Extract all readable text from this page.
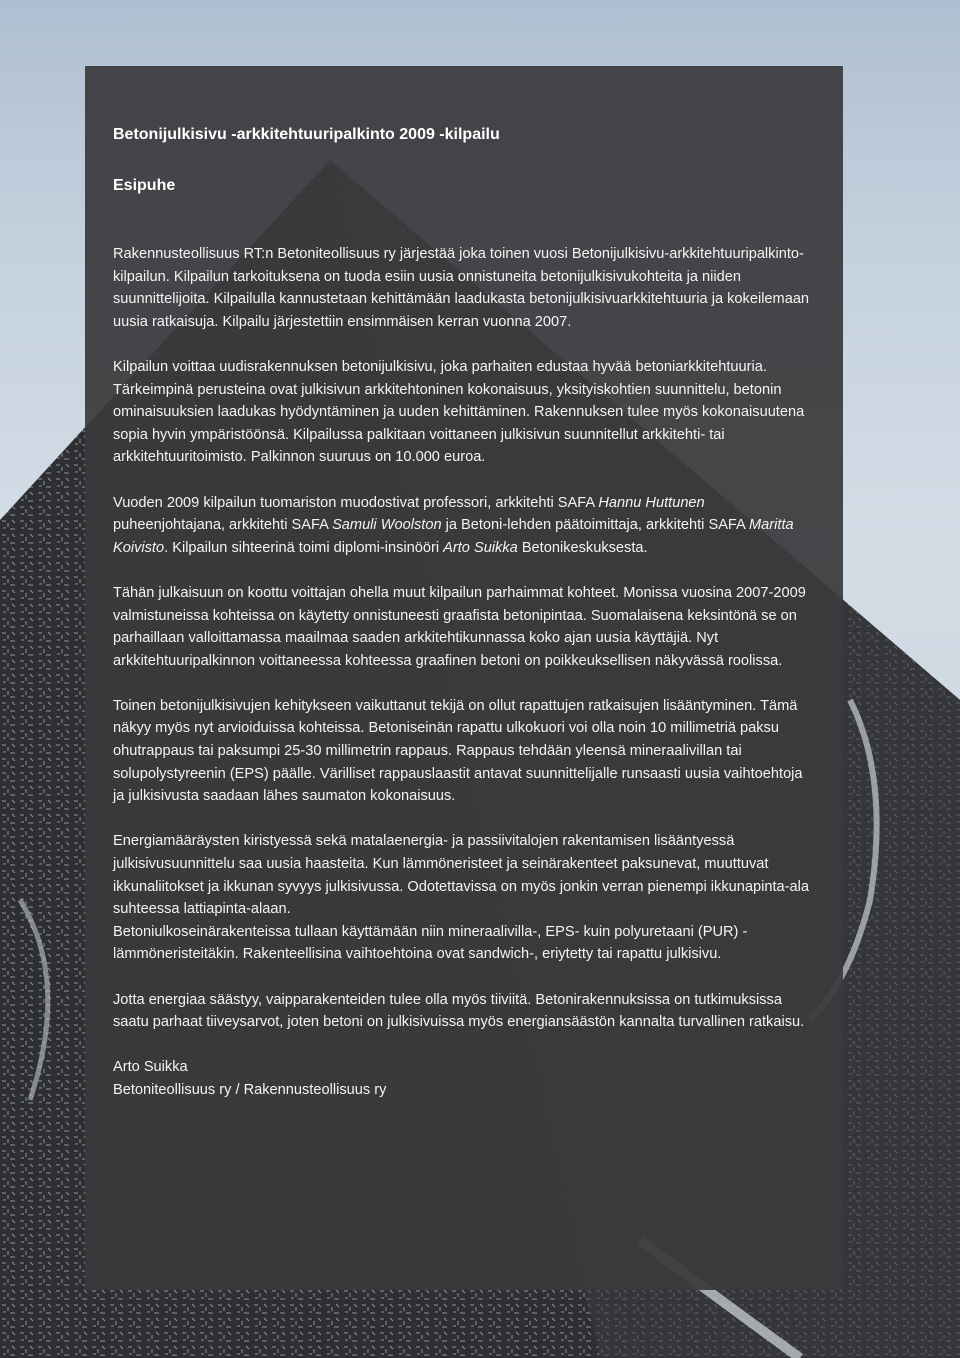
Betonijulkisivu -arkkitehtuuripalkinto 2009 -kilpailu
Esipuhe

Rakennusteollisuus RT:n Betoniteollisuus ry järjestää joka toinen vuosi Betonijulkisivu-arkkitehtuuripalkinto-kilpailun. Kilpailun tarkoituksena on tuoda esiin uusia onnistuneita betonijulkisivukohteita ja niiden suunnittelijoita. Kilpailulla kannustetaan kehittämään laadukasta betonijulkisivuarkkitehtuuria ja kokeilemaan uusia ratkaisuja. Kilpailu järjestettiin ensimmäisen kerran vuonna 2007.

Kilpailun voittaa uudisrakennuksen betonijulkisivu, joka parhaiten edustaa hyvää betoniarkkitehtuuria. Tärkeimpinä perusteina ovat julkisivun arkkitehtoninen kokonaisuus, yksityiskohtien suunnittelu, betonin ominaisuuksien laadukas hyödyntäminen ja uuden kehittäminen. Rakennuksen tulee myös kokonaisuutena sopia hyvin ympäristöönsä. Kilpailussa palkitaan voittaneen julkisivun suunnitellut arkkitehti- tai arkkitehtuuritoimisto. Palkinnon suuruus on 10.000 euroa.

Vuoden 2009 kilpailun tuomariston muodostivat professori, arkkitehti SAFA Hannu Huttunen puheenjohtajana, arkkitehti SAFA Samuli Woolston ja Betoni-lehden päätoimittaja, arkkitehti SAFA Maritta Koivisto. Kilpailun sihteerinä toimi diplomi-insinööri Arto Suikka Betonikeskuksesta.

Tähän julkaisuun on koottu voittajan ohella muut kilpailun parhaimmat kohteet. Monissa vuosina 2007-2009 valmistuneissa kohteissa on käytetty onnistuneesti graafista betonipintaa. Suomalaisena keksintönä se on parhaillaan valloittamassa maailmaa saaden arkkitehtikunnassa koko ajan uusia käyttäjiä. Nyt arkkitehtuuripalkinnon voittaneessa kohteessa graafinen betoni on poikkeuksellisen näkyvässä roolissa.

Toinen betonijulkisivujen kehitykseen vaikuttanut tekijä on ollut rapattujen ratkaisujen lisääntyminen. Tämä näkyy myös nyt arvioiduissa kohteissa. Betoniseinän rapattu ulkokuori voi olla noin 10 millimetriä paksu ohutrappaus tai paksumpi 25-30 millimetrin rappaus. Rappaus tehdään yleensä mineraalivillan tai solupolystyreenin (EPS) päälle. Värilliset rappauslaastit antavat suunnittelijalle runsaasti uusia vaihtoehtoja ja julkisivusta saadaan lähes saumaton kokonaisuus.

Energiamääräysten kiristyessä sekä matalaenergia- ja passiivitalojen rakentamisen lisääntyessä julkisivusuunnittelu saa uusia haasteita. Kun lämmöneristeet ja seinärakenteet paksunevat, muuttuvat ikkunaliitokset ja ikkunan syvyys julkisivussa. Odotettavissa on myös jonkin verran pienempi ikkunapinta-ala suhteessa lattiapinta-alaan.
Betoniulkoseinärakenteissa tullaan käyttämään niin mineraalivilla-, EPS- kuin polyuretaani (PUR) -lämmöneristeitäkin. Rakenteellisina vaihtoehtoina ovat sandwich-, eriytetty tai rapattu julkisivu.

Jotta energiaa säästyy, vaipparakenteiden tulee olla myös tiiviitä. Betonirakennuksissa on tutkimuksissa saatu parhaat tiiveysarvot, joten betoni on julkisivuissa myös energiansäästön kannalta turvallinen ratkaisu.

Arto Suikka

Betoniteollisuus ry / Rakennusteollisuus ry
